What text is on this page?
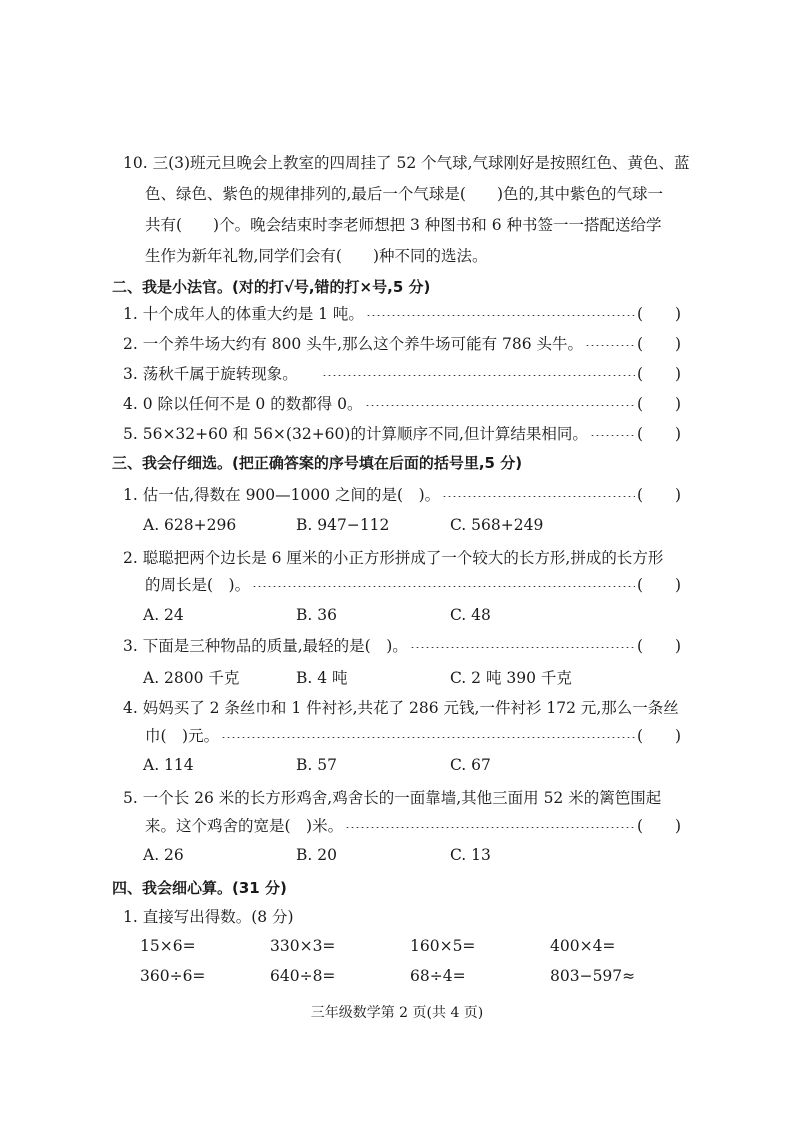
10. 三(3)班元旦晚会上教室的四周挂了 52 个气球,气球刚好是按照红色、黄色、蓝
色、绿色、紫色的规律排列的,最后一个气球是(　　)色的,其中紫色的气球一
共有(　　)个。晚会结束时李老师想把 3 种图书和 6 种书签一一搭配送给学
生作为新年礼物,同学们会有(　　)种不同的选法。
二、我是小法官。(对的打√号,错的打×号,5 分)
1. 十个成年人的体重大约是 1 吨。	( )
2. 一个养牛场大约有 800 头牛,那么这个养牛场可能有 786 头牛。	( )
3. 荡秋千属于旋转现象。	( )
4. 0 除以任何不是 0 的数都得 0。	( )
5. 56×32+60 和 56×(32+60)的计算顺序不同,但计算结果相同。	( )
三、我会仔细选。(把正确答案的序号填在后面的括号里,5 分)
1. 估一估,得数在 900—1000 之间的是(　)。	( )
A. 628+296	B. 947−112	C. 568+249
2. 聪聪把两个边长是 6 厘米的小正方形拼成了一个较大的长方形,拼成的长方形
的周长是(　)。	( )
A. 24	B. 36	C. 48
3. 下面是三种物品的质量,最轻的是(　)。	( )
A. 2800 千克	B. 4 吨	C. 2 吨 390 千克
4. 妈妈买了 2 条丝巾和 1 件衬衫,共花了 286 元钱,一件衬衫 172 元,那么一条丝
巾(　)元。	( )
A. 114	B. 57	C. 67
5. 一个长 26 米的长方形鸡舍,鸡舍长的一面靠墙,其他三面用 52 米的篱笆围起
来。这个鸡舍的宽是(　)米。	( )
A. 26	B. 20	C. 13
四、我会细心算。(31 分)
1. 直接写出得数。(8 分)
15×6=	330×3=	160×5=	400×4=
360÷6=	640÷8=	68÷4=	803−597≈
三年级数学第 2 页(共 4 页)
